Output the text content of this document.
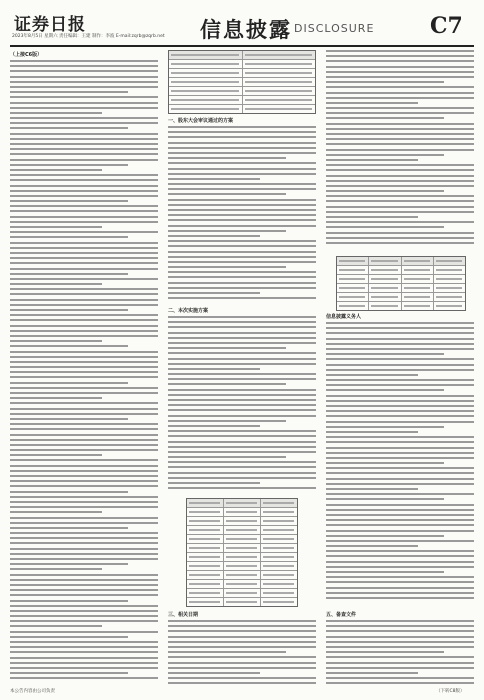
证券日报
2023年8月5日 星期六 责任编辑：王建 制作：李波 E-mail:zqrb@zqrb.net 信息披露 DISCLOSURE	C7
（上接C6版）
一、股东大会审议通过的方案
二、本次实施方案
三、相关日期
信息披露义务人
五、备查文件
本公告内容由公司负责	（下转C8版）
